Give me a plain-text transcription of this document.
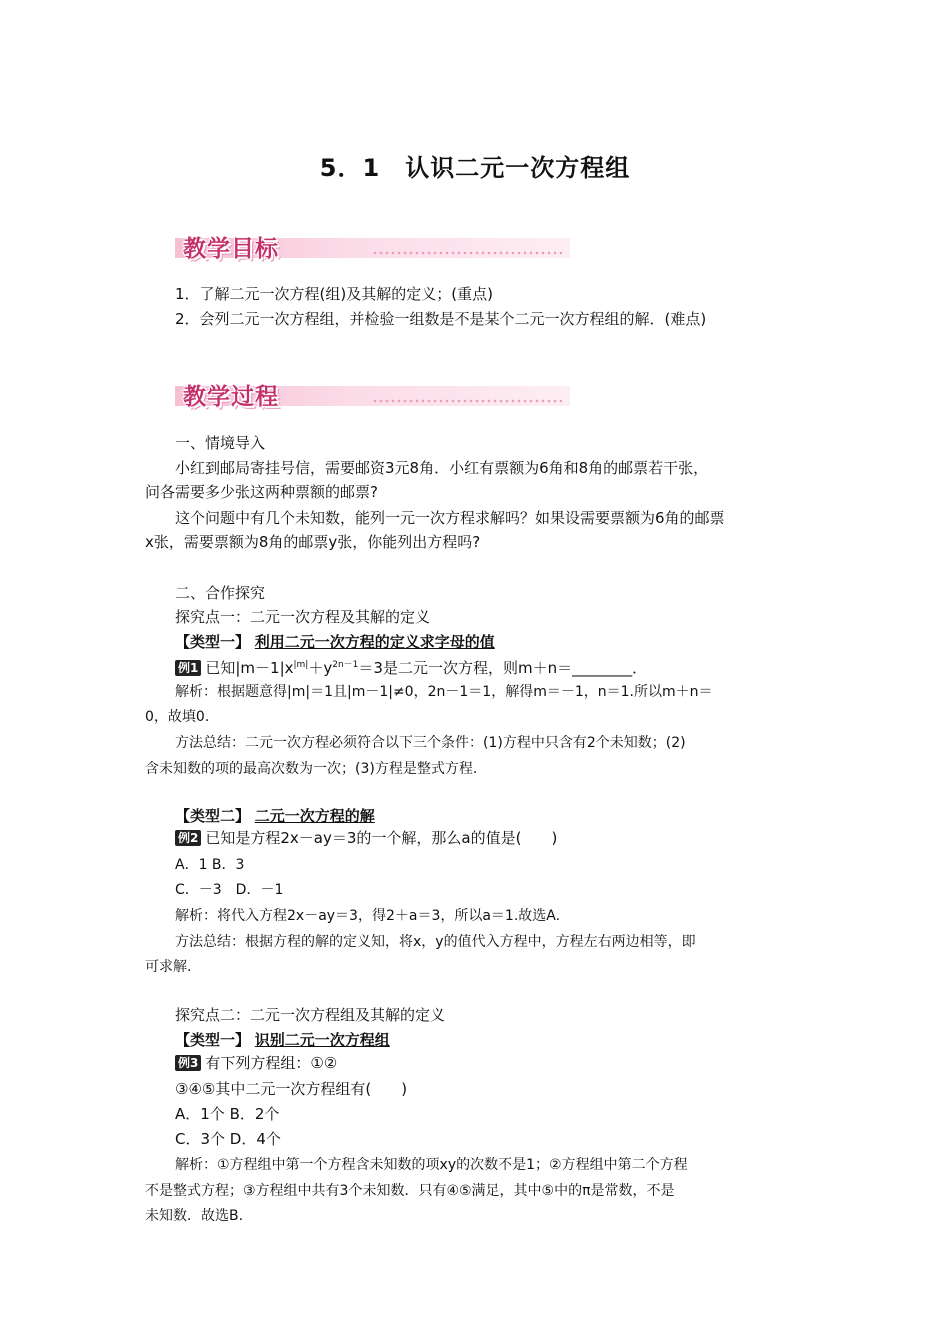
5．1　认识二元一次方程组
教学目标
1．了解二元一次方程(组)及其解的定义；(重点)
2．会列二元一次方程组，并检验一组数是不是某个二元一次方程组的解．(难点)
教学过程
一、情境导入
小红到邮局寄挂号信，需要邮资3元8角．小红有票额为6角和8角的邮票若干张，
问各需要多少张这两种票额的邮票?
这个问题中有几个未知数，能列一元一次方程求解吗？如果设需要票额为6角的邮票
x张，需要票额为8角的邮票y张，你能列出方程吗?
二、合作探究
探究点一：二元一次方程及其解的定义
【类型一】 利用二元一次方程的定义求字母的值
例1 已知$|m-1|x^{|m|}+y^{2n-1}=3$是二元一次方程，则m＋n＝________．
解析：根据题意得|m|＝1且|m－1|≠0，2n－1＝1，解得m＝－1，n＝1.所以m＋n＝
0，故填0.
方法总结：二元一次方程必须符合以下三个条件：(1)方程中只含有2个未知数；(2)
含未知数的项的最高次数为一次；(3)方程是整式方程.
【类型二】 二元一次方程的解
例2 已知是方程2x－ay＝3的一个解，那么a的值是(　　)
A．1 B．3
C．－3　D．－1
解析：将代入方程2x－ay＝3，得2＋a＝3，所以a＝1.故选A.
方法总结：根据方程的解的定义知，将x，y的值代入方程中，方程左右两边相等，即
可求解.
探究点二：二元一次方程组及其解的定义
【类型一】 识别二元一次方程组
例3 有下列方程组：①②
③④⑤其中二元一次方程组有(　　)
A．1个 B．2个
C．3个 D．4个
解析：①方程组中第一个方程含未知数的项xy的次数不是1；②方程组中第二个方程
不是整式方程；③方程组中共有3个未知数．只有④⑤满足，其中⑤中的π是常数，不是
未知数．故选B.
